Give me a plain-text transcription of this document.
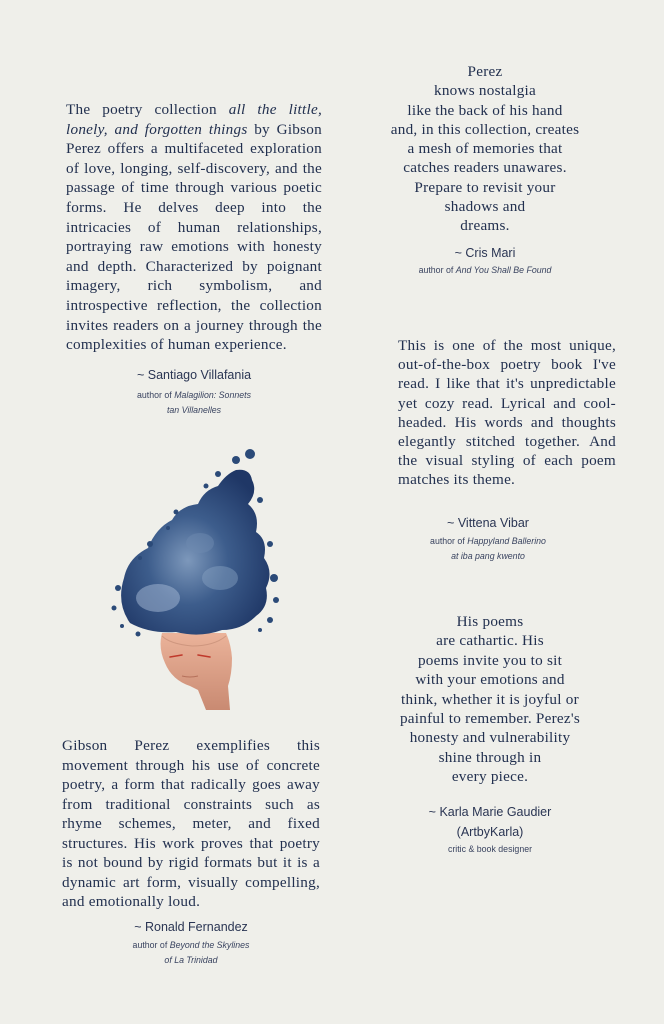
The poetry collection all the little, lonely, and forgotten things by Gibson Perez offers a multifaceted exploration of love, longing, self-discovery, and the passage of time through various poetic forms. He delves deep into the intricacies of human relationships, portraying raw emotions with honesty and depth. Characterized by poignant imagery, rich symbolism, and introspective reflection, the collection invites readers on a journey through the complexities of human experience.

~ Santiago Villafania
author of Malagilion: Sonnets
tan Villanelles

Perez
knows nostalgia
like the back of his hand
and, in this collection, creates
a mesh of memories that
catches readers unawares.
Prepare to revisit your
shadows and
dreams.

~ Cris Mari
author of And You Shall Be Found

This is one of the most unique, out-of-the-box poetry book I've read. I like that it's unpredictable yet cozy read. Lyrical and cool-headed. His words and thoughts elegantly stitched together. And the visual styling of each poem matches its theme.

~ Vittena Vibar
author of Happyland Ballerino
at iba pang kwento

His poems
are cathartic. His
poems invite you to sit
with your emotions and
think, whether it is joyful or
painful to remember. Perez's
honesty and vulnerability
shine through in
every piece.

~ Karla Marie Gaudier
(ArtbyKarla)
critic & book designer

Gibson Perez exemplifies this movement through his use of concrete poetry, a form that radically goes away from traditional constraints such as rhyme schemes, meter, and fixed structures. His work proves that poetry is not bound by rigid formats but it is a dynamic art form, visually compelling, and emotionally loud.

~ Ronald Fernandez
author of Beyond the Skylines
of La Trinidad
